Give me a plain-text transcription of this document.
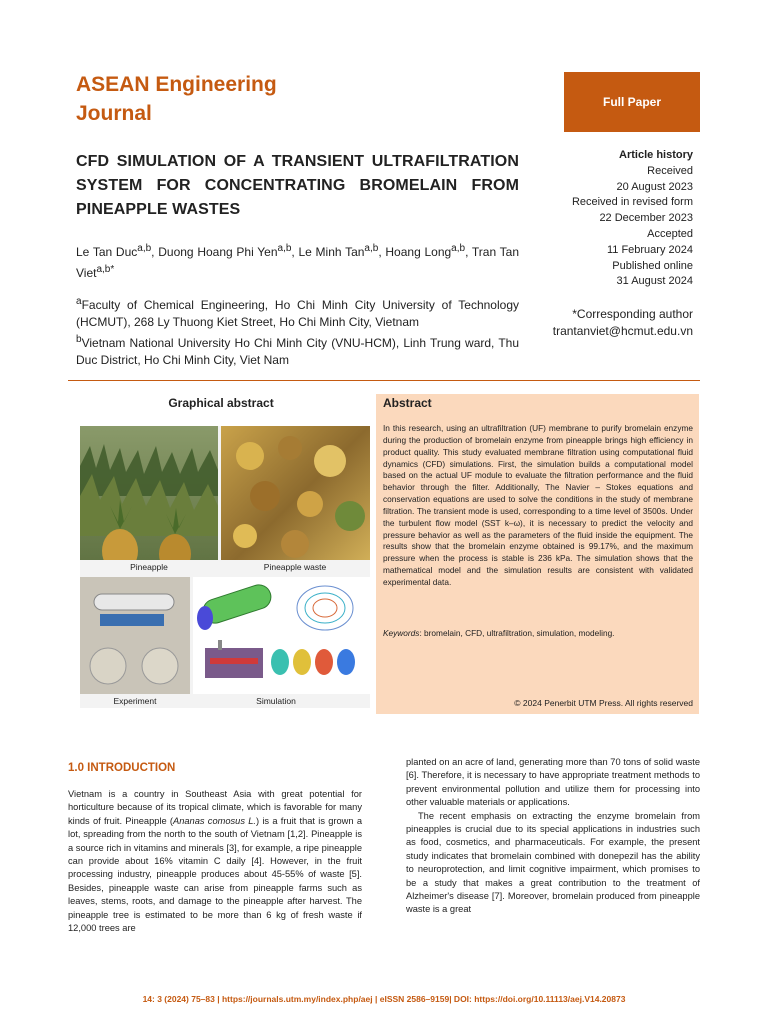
ASEAN Engineering
Journal	Full Paper
CFD SIMULATION OF A TRANSIENT ULTRAFILTRATION SYSTEM FOR CONCENTRATING BROMELAIN FROM PINEAPPLE WASTES
Le Tan Duc$^{a,b}$, Duong Hoang Phi Yen$^{a,b}$, Le Minh Tan$^{a,b}$, Hoang Long$^{a,b}$, Tran Tan Viet$^{a,b*}$

$^a$Faculty of Chemical Engineering, Ho Chi Minh City University of Technology (HCMUT), 268 Ly Thuong Kiet Street, Ho Chi Minh City, Vietnam

$^b$Vietnam National University Ho Chi Minh City (VNU-HCM), Linh Trung ward, Thu Duc District, Ho Chi Minh City, Viet Nam

Article history
Received
20 August 2023
Received in revised form
22 December 2023
Accepted
11 February 2024
Published online
31 August 2024
*Corresponding author
trantanviet@hcmut.edu.vn
Graphical abstract
Pineapple	Pineapple waste
Experiment	Simulation
Abstract
In this research, using an ultrafiltration (UF) membrane to purify bromelain enzyme during the production of bromelain enzyme from pineapple brings high efficiency in product quality. This study evaluated membrane filtration using computational fluid dynamics (CFD) simulations. First, the simulation builds a computational model based on the actual UF module to evaluate the filtration performance and the fluid behavior through the filter. Additionally, The Navier – Stokes equations and conservation equations are used to solve the conditions in the study of membrane filtration. The transient mode is used, corresponding to a time level of 3500s. Under the turbulent flow model (SST k–ω), it is necessary to predict the velocity and pressure behavior as well as the parameters of the fluid inside the equipment. The results show that the bromelain enzyme obtained is 99.17%, and the maximum pressure when the process is stable is 236 kPa. The simulation shows that the mathematical model and the simulation results are consistent with validated experimental data.
Keywords: bromelain, CFD, ultrafiltration, simulation, modeling.
© 2024 Penerbit UTM Press. All rights reserved
1.0 INTRODUCTION

Vietnam is a country in Southeast Asia with great potential for horticulture because of its tropical climate, which is favorable for many kinds of fruit. Pineapple (Ananas comosus L.) is a fruit that is grown a lot, spreading from the north to the south of Vietnam [1,2]. Pineapple is a source rich in vitamins and minerals [3], for example, a ripe pineapple can provide about 16% vitamin C daily [4]. However, in the fruit processing industry, pineapple produces about 45-55% of waste [5]. Besides, pineapple waste can arise from pineapple farms such as leaves, stems, roots, and damage to the pineapple after harvest. The pineapple tree is estimated to be more than 6 kg of fresh waste if 12,000 trees are

planted on an acre of land, generating more than 70 tons of solid waste [6]. Therefore, it is necessary to have appropriate treatment methods to prevent environmental pollution and utilize them for processing into other valuable materials or applications.

The recent emphasis on extracting the enzyme bromelain from pineapples is crucial due to its special applications in industries such as food, cosmetics, and pharmaceuticals. For example, the present study indicates that bromelain combined with donepezil has the ability to neuroprotection, and limit cognitive impairment, which promises to be a study that makes a great contribution to the treatment of Alzheimer's disease [7]. Moreover, bromelain produced from pineapple waste is a great

14: 3 (2024) 75–83 | https://journals.utm.my/index.php/aej | eISSN 2586–9159| DOI: https://doi.org/10.11113/aej.V14.20873
